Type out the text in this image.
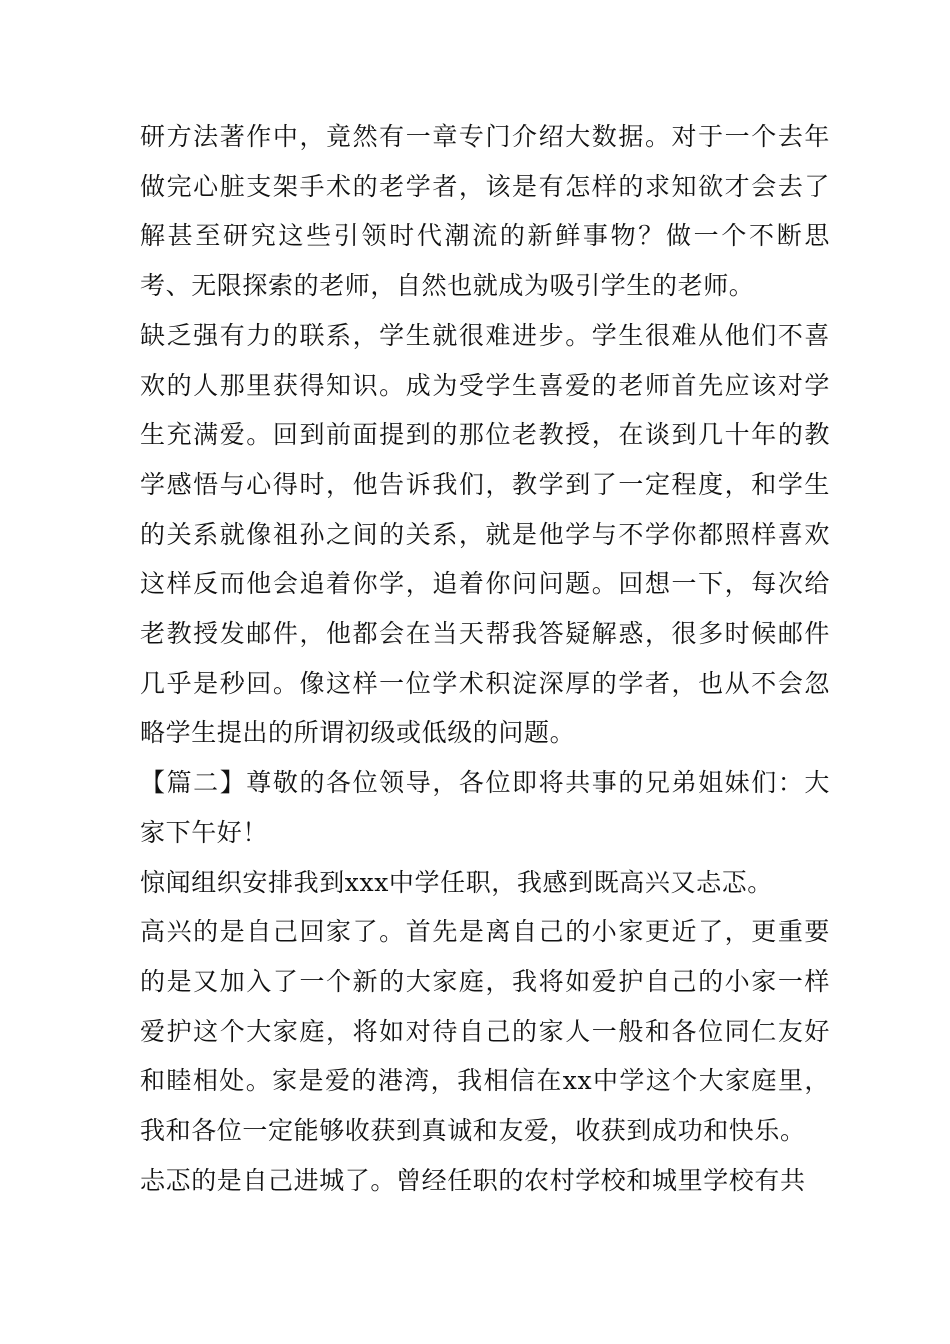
研方法著作中，竟然有一章专门介绍大数据。对于一个去年做完心脏支架手术的老学者，该是有怎样的求知欲才会去了解甚至研究这些引领时代潮流的新鲜事物？做一个不断思考、无限探索的老师，自然也就成为吸引学生的老师。

缺乏强有力的联系，学生就很难进步。学生很难从他们不喜欢的人那里获得知识。成为受学生喜爱的老师首先应该对学生充满爱。回到前面提到的那位老教授，在谈到几十年的教学感悟与心得时，他告诉我们，教学到了一定程度，和学生的关系就像祖孙之间的关系，就是他学与不学你都照样喜欢这样反而他会追着你学，追着你问问题。回想一下，每次给老教授发邮件，他都会在当天帮我答疑解惑，很多时候邮件几乎是秒回。像这样一位学术积淀深厚的学者，也从不会忽略学生提出的所谓初级或低级的问题。

【篇二】尊敬的各位领导，各位即将共事的兄弟姐妹们：大家下午好！

惊闻组织安排我到xxx中学任职，我感到既高兴又忐忑。

高兴的是自己回家了。首先是离自己的小家更近了，更重要的是又加入了一个新的大家庭，我将如爱护自己的小家一样爱护这个大家庭，将如对待自己的家人一般和各位同仁友好和睦相处。家是爱的港湾，我相信在xx中学这个大家庭里，我和各位一定能够收获到真诚和友爱，收获到成功和快乐。

忐忑的是自己进城了。曾经任职的农村学校和城里学校有共
